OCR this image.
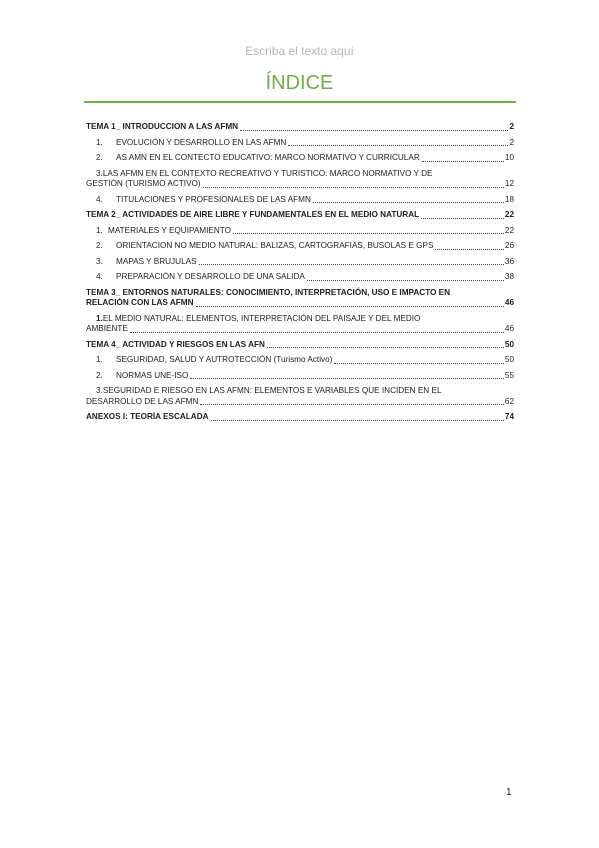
Escriba el texto aquí
ÍNDICE
TEMA 1_ INTRODUCCION A LAS AFMN	2
1. EVOLUCIÓN Y DESARROLLO EN LAS AFMN	2
2. AS AMN EN EL CONTECTO EDUCATIVO: MARCO NORMATIVO Y CURRICULAR	10
3.LAS AFMN EN EL CONTEXTO RECREATIVO Y TURISTICO: MARCO NORMATIVO Y DE
GESTIÓN (TURISMO ACTIVO)	12
4. TITULACIONES Y PROFESIONALES DE LAS AFMN	18
TEMA 2_ ACTIVIDADES DE AIRE LIBRE Y FUNDAMENTALES EN EL MEDIO NATURAL	22
1. MATERIALES Y EQUIPAMIENTO	22
2. ORIENTACION NO MEDIO NATURAL: BALIZAS, CARTOGRAFIAS, BUSOLAS E GPS	26
3. MAPAS Y BRUJULAS	36
4. PREPARACIÓN Y DESARROLLO DE UNA SALIDA	38
TEMA 3_ ENTORNOS NATURALES: CONOCIMIENTO, INTERPRETACIÓN, USO E IMPACTO EN
RELACIÓN CON LAS AFMN	46
1.EL MEDIO NATURAL: ELEMENTOS, INTERPRETACIÓN DEL PAISAJE Y DEL MEDIO
AMBIENTE	46
TEMA 4_ ACTIVIDAD Y RIESGOS EN LAS AFN	50
1. SEGURIDAD, SALUD Y AUTROTECCIÓN (Turismo Activo)	50
2. NORMAS UNE-ISO	55
3.SEGURIDAD E RIESGO EN LAS AFMN: ELEMENTOS E VARIABLES QUE INCIDEN EN EL
DESARROLLO DE LAS AFMN	62
ANEXOS I: TEORÍA ESCALADA	74
1
